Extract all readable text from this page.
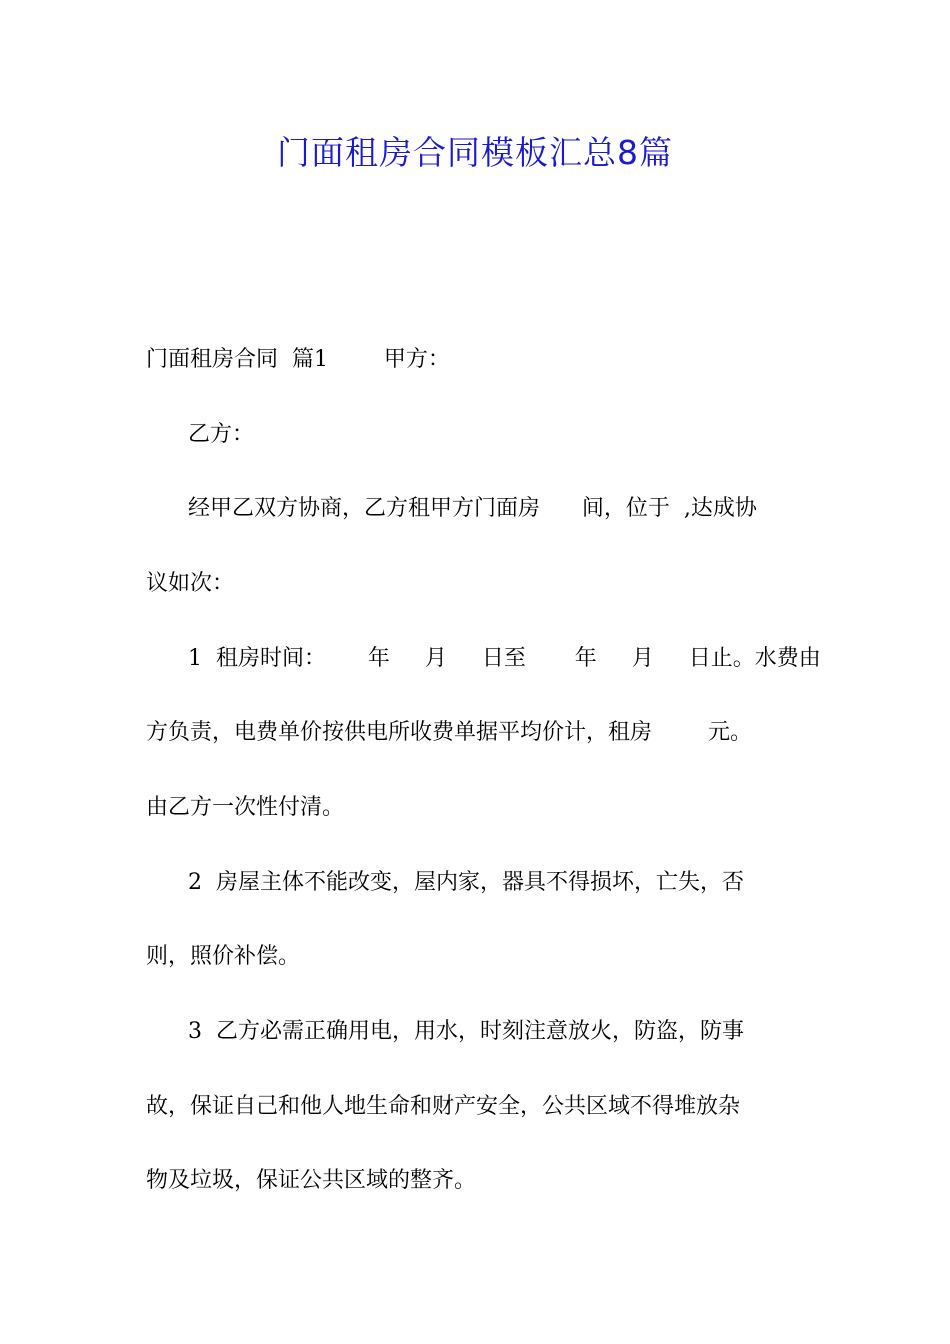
门面租房合同模板汇总8篇
门面租房合同  篇1        甲方：
乙方：
经甲乙双方协商，乙方租甲方门面房      间，位于  ,达成协
议如次：
1  租房时间：      年     月     日至       年     月     日止。水费由
方负责，电费单价按供电所收费单据平均价计，租房        元。
由乙方一次性付清。
2  房屋主体不能改变，屋内家，器具不得损坏，亡失，否
则，照价补偿。
3  乙方必需正确用电，用水，时刻注意放火，防盗，防事
故，保证自己和他人地生命和财产安全，公共区域不得堆放杂
物及垃圾，保证公共区域的整齐。
